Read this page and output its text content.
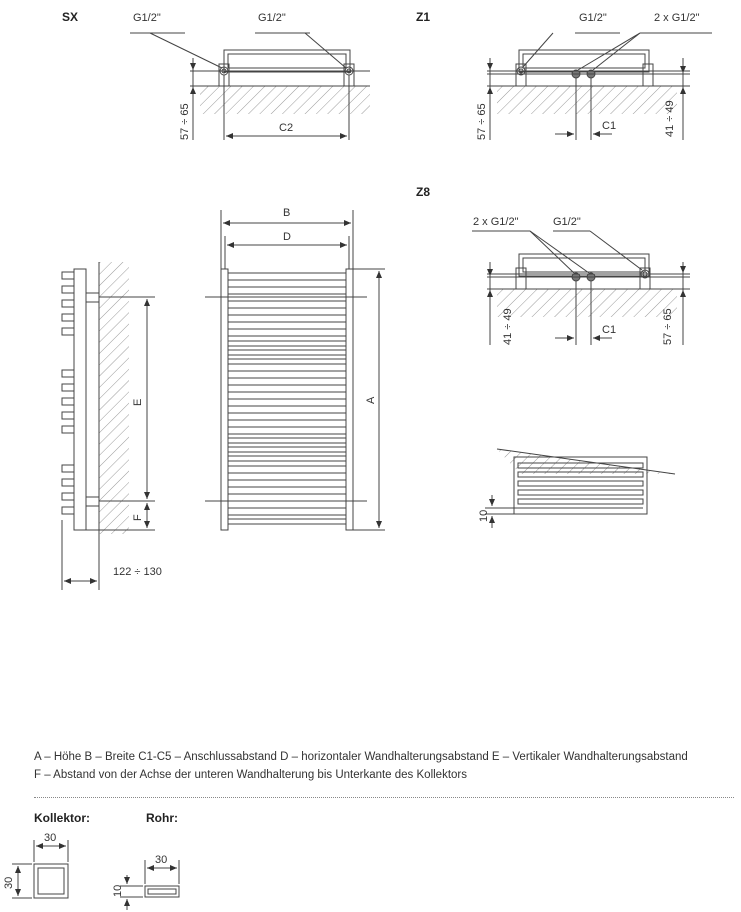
SX	G1/2"	G1/2"
C2
57 ÷ 65
Z1	G1/2"	2 x G1/2"
C1
57 ÷ 65	41 ÷ 49
Z8
2 x G1/2"	G1/2"
C1
41 ÷ 49	57 ÷ 65
E
F
122 ÷ 130
B
D
A
10
A – Höhe B – Breite C1-C5 – Anschlussabstand D – horizontaler Wandhalterungsabstand E – Vertikaler Wandhalterungsabstand
F – Abstand von der Achse der unteren Wandhalterung bis Unterkante des Kollektors
Kollektor:
30
30
Rohr:
30
10
